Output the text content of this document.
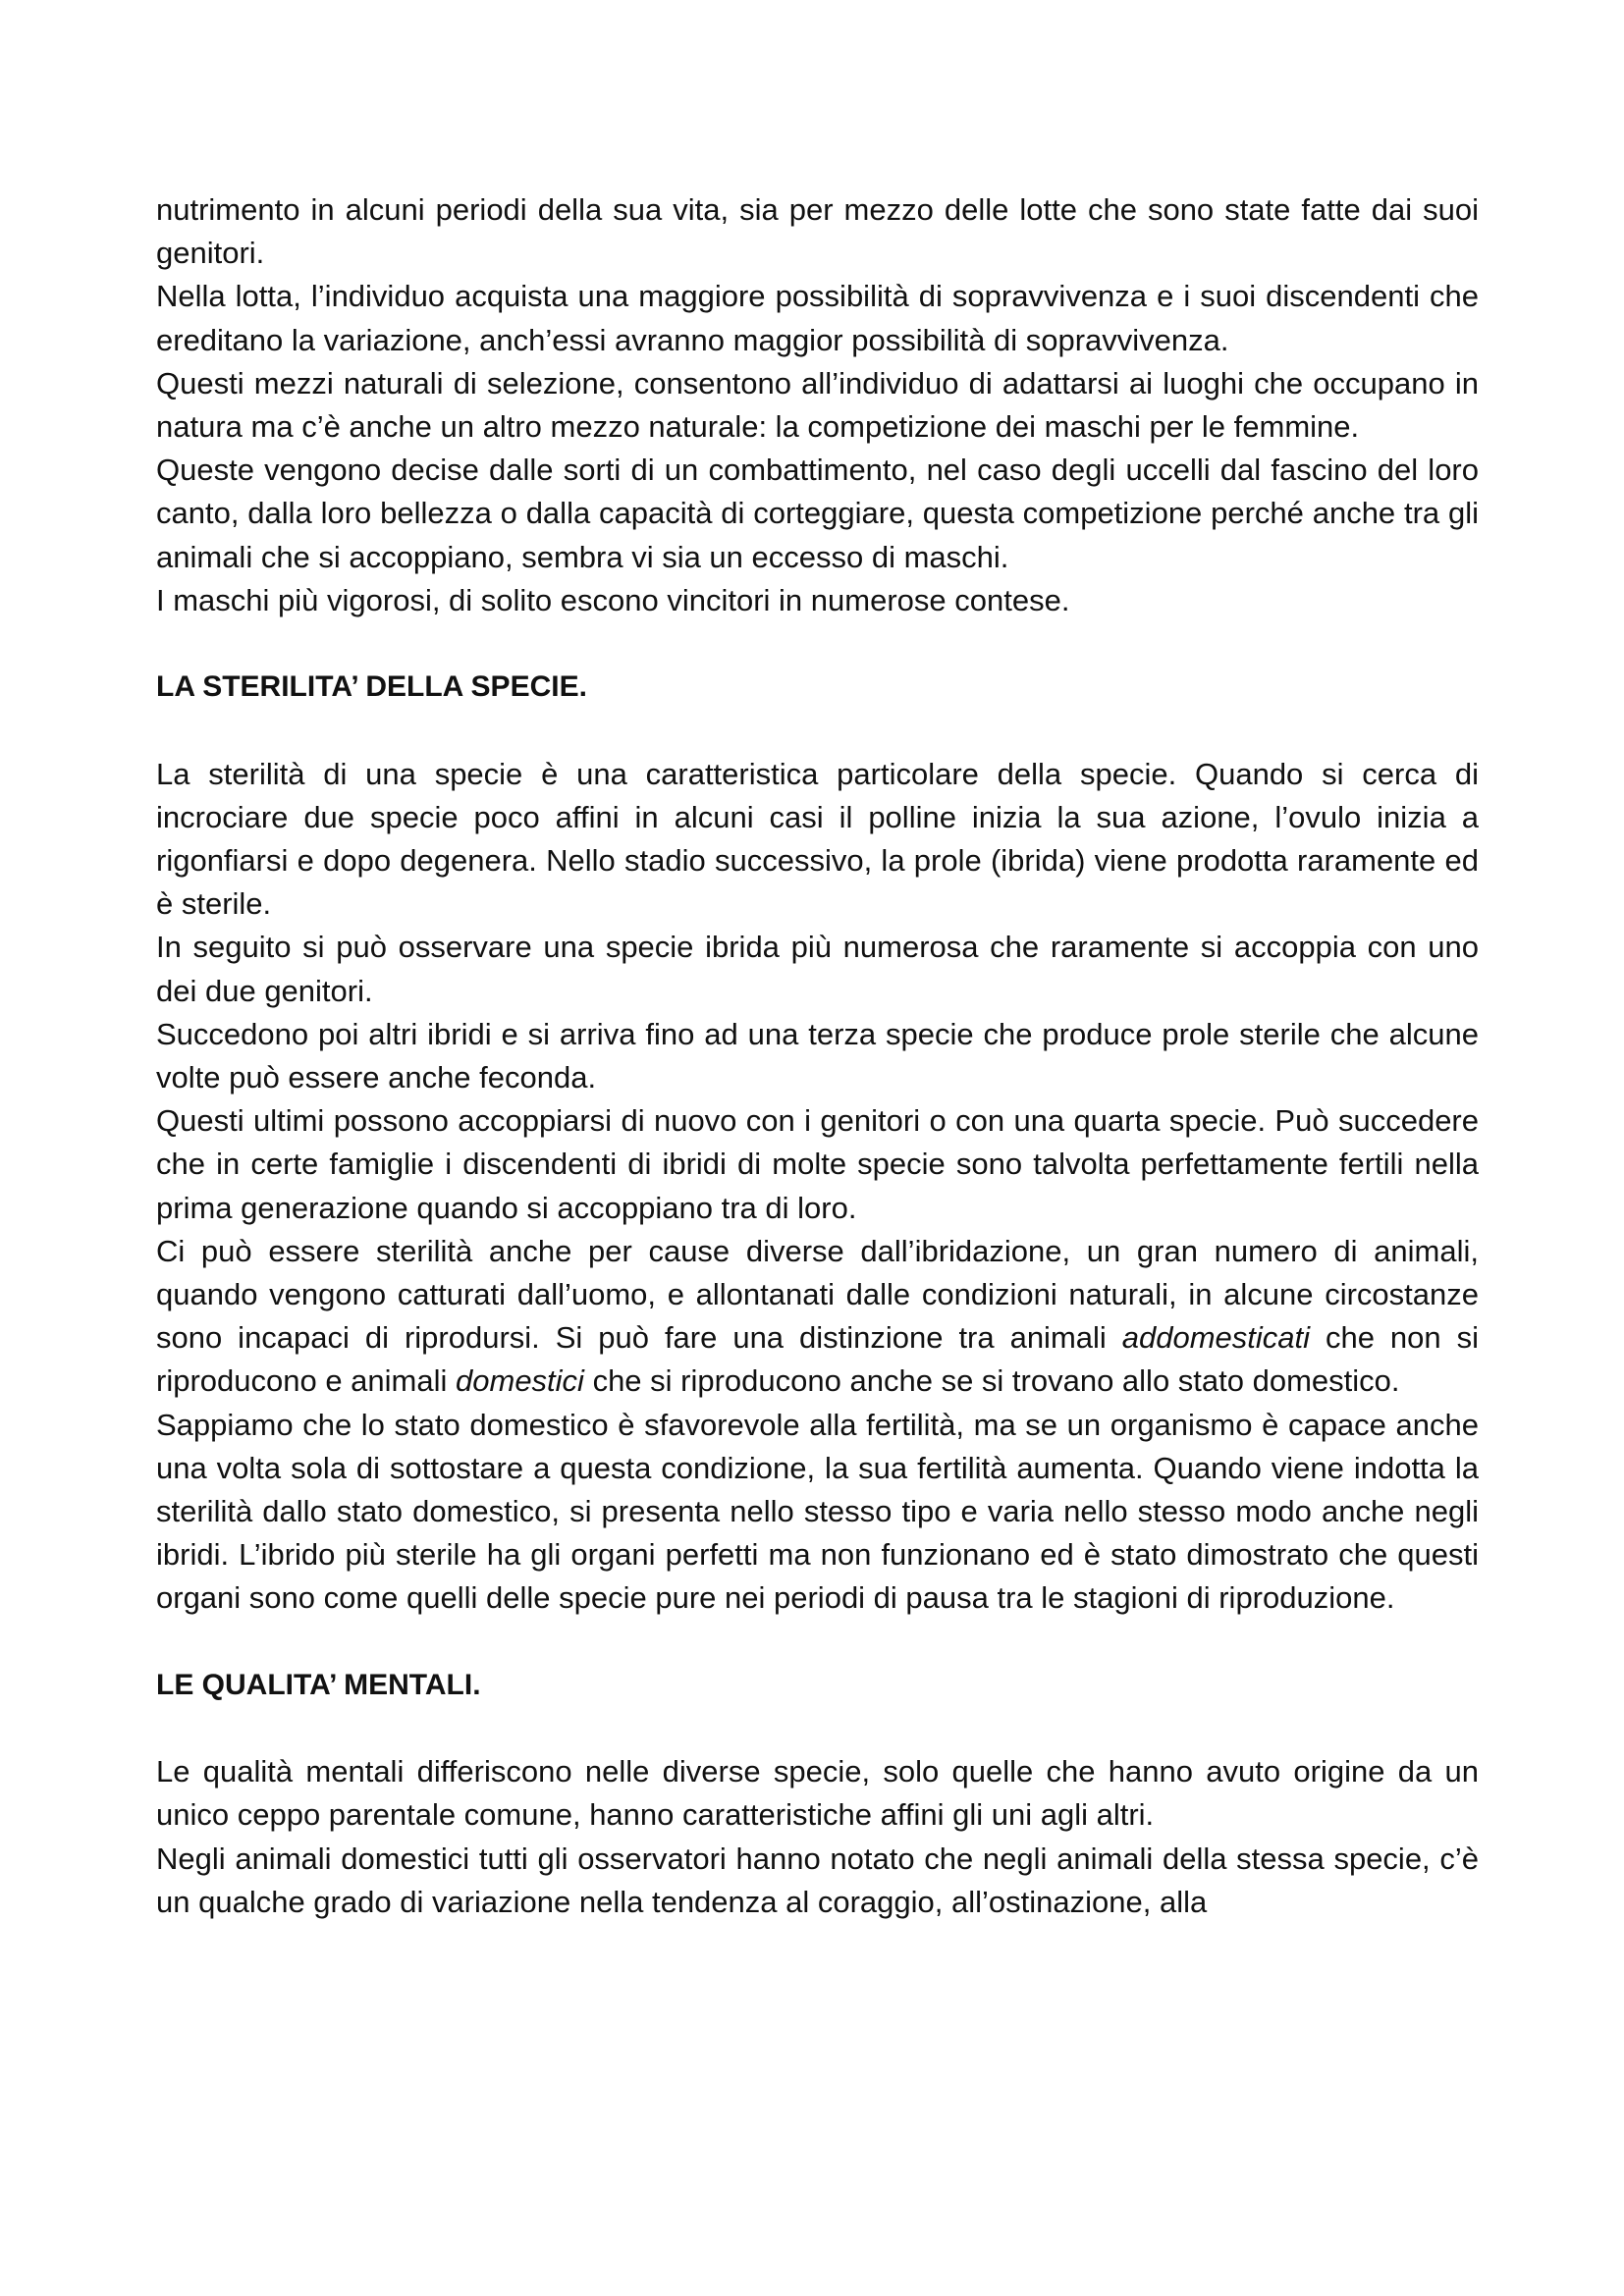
nutrimento in alcuni periodi della sua vita, sia per mezzo delle lotte che sono state fatte dai suoi genitori.

Nella lotta, l’individuo acquista una maggiore possibilità di sopravvivenza e i suoi discendenti che ereditano la variazione, anch’essi avranno maggior possibilità di sopravvivenza.

Questi mezzi naturali di selezione, consentono all’individuo di adattarsi ai luoghi che occupano in natura ma c’è anche un altro mezzo naturale: la competizione dei maschi per le femmine.

Queste vengono decise dalle sorti di un combattimento, nel caso degli uccelli dal fascino del loro canto, dalla loro bellezza o dalla capacità di corteggiare, questa competizione perché anche tra gli animali che si accoppiano, sembra vi sia un eccesso di maschi.

I maschi più vigorosi, di solito escono vincitori in numerose contese.

LA STERILITA’ DELLA SPECIE.

La sterilità di una specie è una caratteristica particolare della specie. Quando si cerca di incrociare due specie poco affini in alcuni casi il polline inizia la sua azione, l’ovulo inizia a rigonfiarsi e dopo degenera. Nello stadio successivo, la prole (ibrida) viene prodotta raramente ed è sterile.

In seguito si può osservare una specie ibrida più numerosa che raramente si accoppia con uno dei due genitori.

Succedono poi altri ibridi e si arriva fino ad una terza specie che produce prole sterile che alcune volte può essere anche feconda.

Questi ultimi possono accoppiarsi di nuovo con i genitori o con una quarta specie. Può succedere che in certe famiglie i discendenti di ibridi di molte specie sono talvolta perfettamente fertili nella prima generazione quando si accoppiano tra di loro.

Ci può essere sterilità anche per cause diverse dall’ibridazione, un gran numero di animali, quando vengono catturati dall’uomo, e allontanati dalle condizioni naturali, in alcune circostanze sono incapaci di riprodursi. Si può fare una distinzione tra animali addomesticati che non si riproducono e animali domestici che si riproducono anche se si trovano allo stato domestico.

Sappiamo che lo stato domestico è sfavorevole alla fertilità, ma se un organismo è capace anche una volta sola di sottostare a questa condizione, la sua fertilità aumenta. Quando viene indotta la sterilità dallo stato domestico, si presenta nello stesso tipo e varia nello stesso modo anche negli ibridi. L’ibrido più sterile ha gli organi perfetti ma non funzionano ed è stato dimostrato che questi organi sono come quelli delle specie pure nei periodi di pausa tra le stagioni di riproduzione.

LE QUALITA’ MENTALI.

Le qualità mentali differiscono nelle diverse specie, solo quelle che hanno avuto origine da un unico ceppo parentale comune, hanno caratteristiche affini gli uni agli altri.

Negli animali domestici tutti gli osservatori hanno notato che negli animali della stessa specie, c’è un qualche grado di variazione nella tendenza al coraggio, all’ostinazione, alla
